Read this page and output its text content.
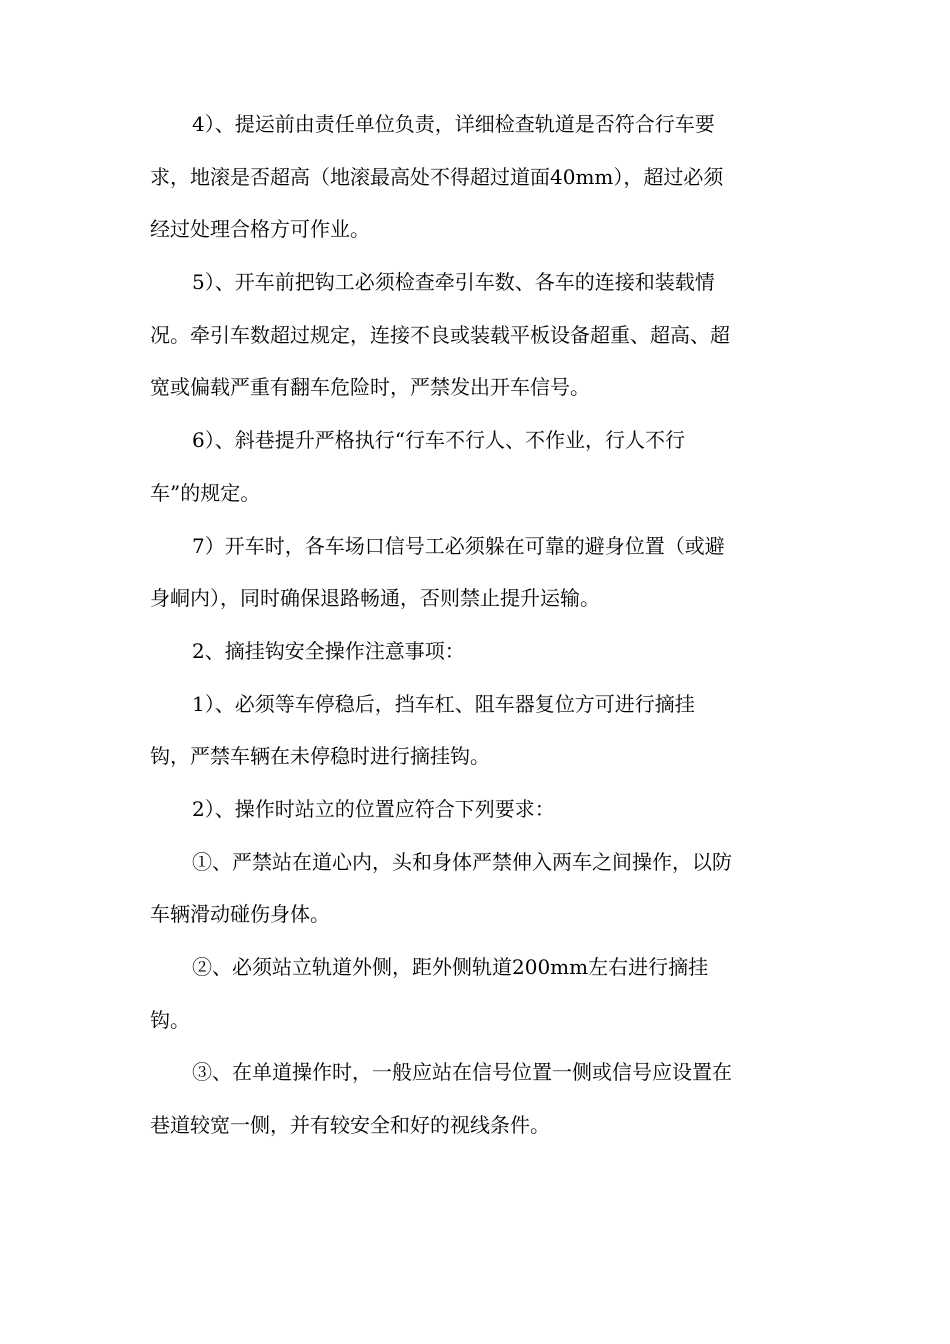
4）、提运前由责任单位负责，详细检查轨道是否符合行车要
求，地滚是否超高（地滚最高处不得超过道面40mm），超过必须
经过处理合格方可作业。
5）、开车前把钩工必须检查牵引车数、各车的连接和装载情
况。牵引车数超过规定，连接不良或装载平板设备超重、超高、超
宽或偏载严重有翻车危险时，严禁发出开车信号。
6）、斜巷提升严格执行“行车不行人、不作业，行人不行
车”的规定。
7）开车时，各车场口信号工必须躲在可靠的避身位置（或避
身峒内），同时确保退路畅通，否则禁止提升运输。
2、摘挂钩安全操作注意事项：
1）、必须等车停稳后，挡车杠、阻车器复位方可进行摘挂
钩，严禁车辆在未停稳时进行摘挂钩。
2）、操作时站立的位置应符合下列要求：
①、严禁站在道心内，头和身体严禁伸入两车之间操作，以防
车辆滑动碰伤身体。
②、必须站立轨道外侧，距外侧轨道200mm左右进行摘挂
钩。
③、在单道操作时，一般应站在信号位置一侧或信号应设置在
巷道较宽一侧，并有较安全和好的视线条件。
